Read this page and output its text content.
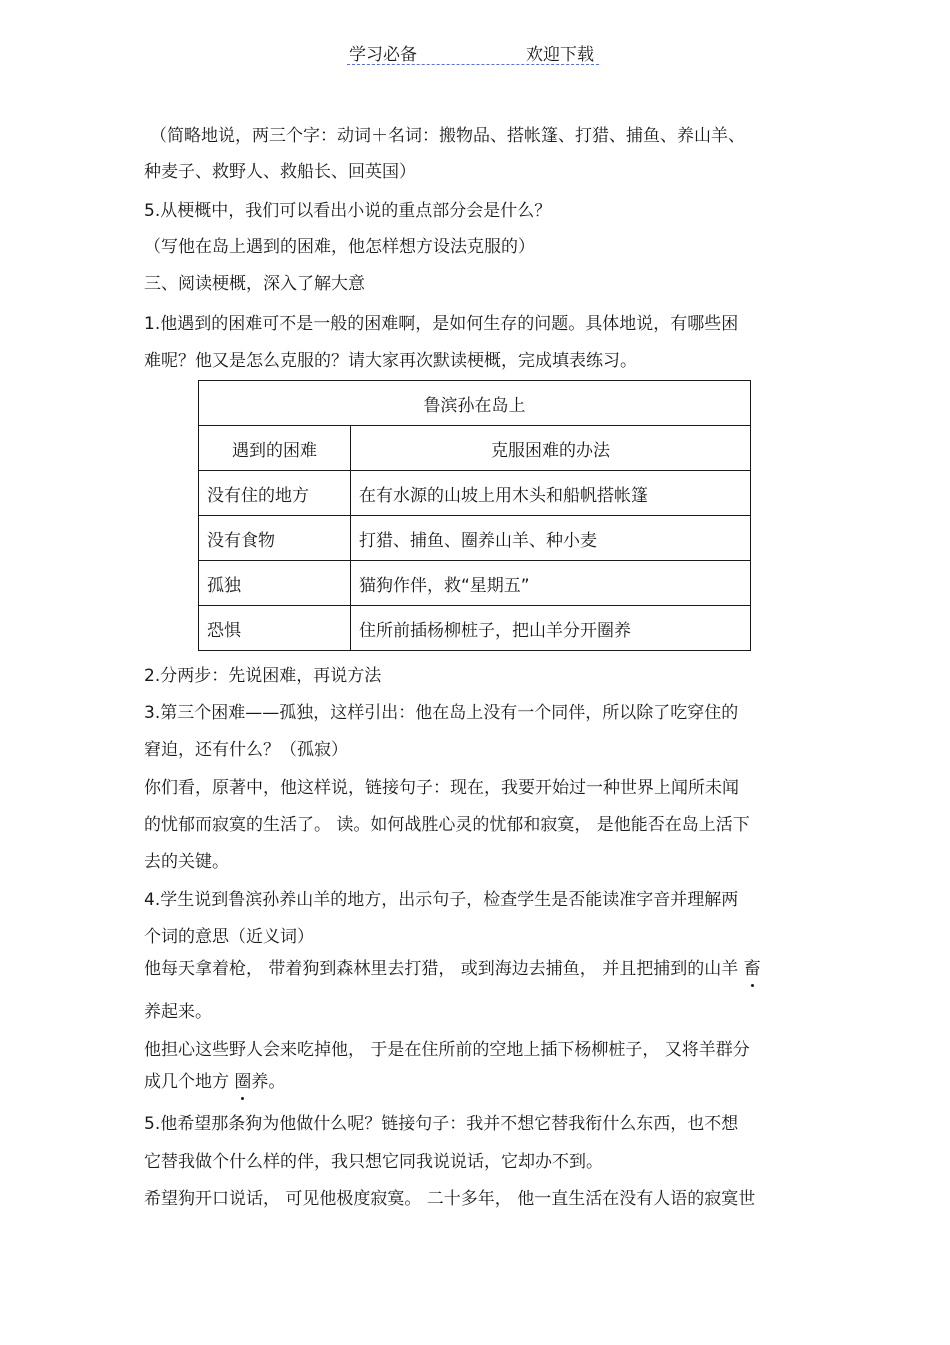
学习必备	欢迎下载
（简略地说，两三个字：动词＋名词：搬物品、搭帐篷、打猎、捕鱼、养山羊、
种麦子、救野人、救船长、回英国）
5.从梗概中，我们可以看出小说的重点部分会是什么？
（写他在岛上遇到的困难，他怎样想方设法克服的）
三、阅读梗概，深入了解大意
1.他遇到的困难可不是一般的困难啊，是如何生存的问题。具体地说，有哪些困
难呢？他又是怎么克服的？请大家再次默读梗概，完成填表练习。
鲁滨孙在岛上	
遇到的困难	克服困难的办法
没有住的地方	在有水源的山坡上用木头和船帆搭帐篷
没有食物	打猎、捕鱼、圈养山羊、种小麦
孤独	猫狗作伴，救“星期五”
恐惧	住所前插杨柳桩子，把山羊分开圈养
2.分两步：先说困难，再说方法
3.第三个困难——孤独，这样引出：他在岛上没有一个同伴，所以除了吃穿住的
窘迫，还有什么？（孤寂）
你们看，原著中，他这样说，链接句子：现在，我要开始过一种世界上闻所未闻
的忧郁而寂寞的生活了。 读。如何战胜心灵的忧郁和寂寞， 是他能否在岛上活下
去的关键。
4.学生说到鲁滨孙养山羊的地方，出示句子，检查学生是否能读准字音并理解两
个词的意思（近义词）
他每天拿着枪， 带着狗到森林里去打猎， 或到海边去捕鱼， 并且把捕到的山羊 畜
养起来。
他担心这些野人会来吃掉他， 于是在住所前的空地上插下杨柳桩子， 又将羊群分
成几个地方 圈养。
5.他希望那条狗为他做什么呢？链接句子：我并不想它替我衔什么东西，也不想
它替我做个什么样的伴，我只想它同我说说话，它却办不到。
希望狗开口说话， 可见他极度寂寞。 二十多年， 他一直生活在没有人语的寂寞世
